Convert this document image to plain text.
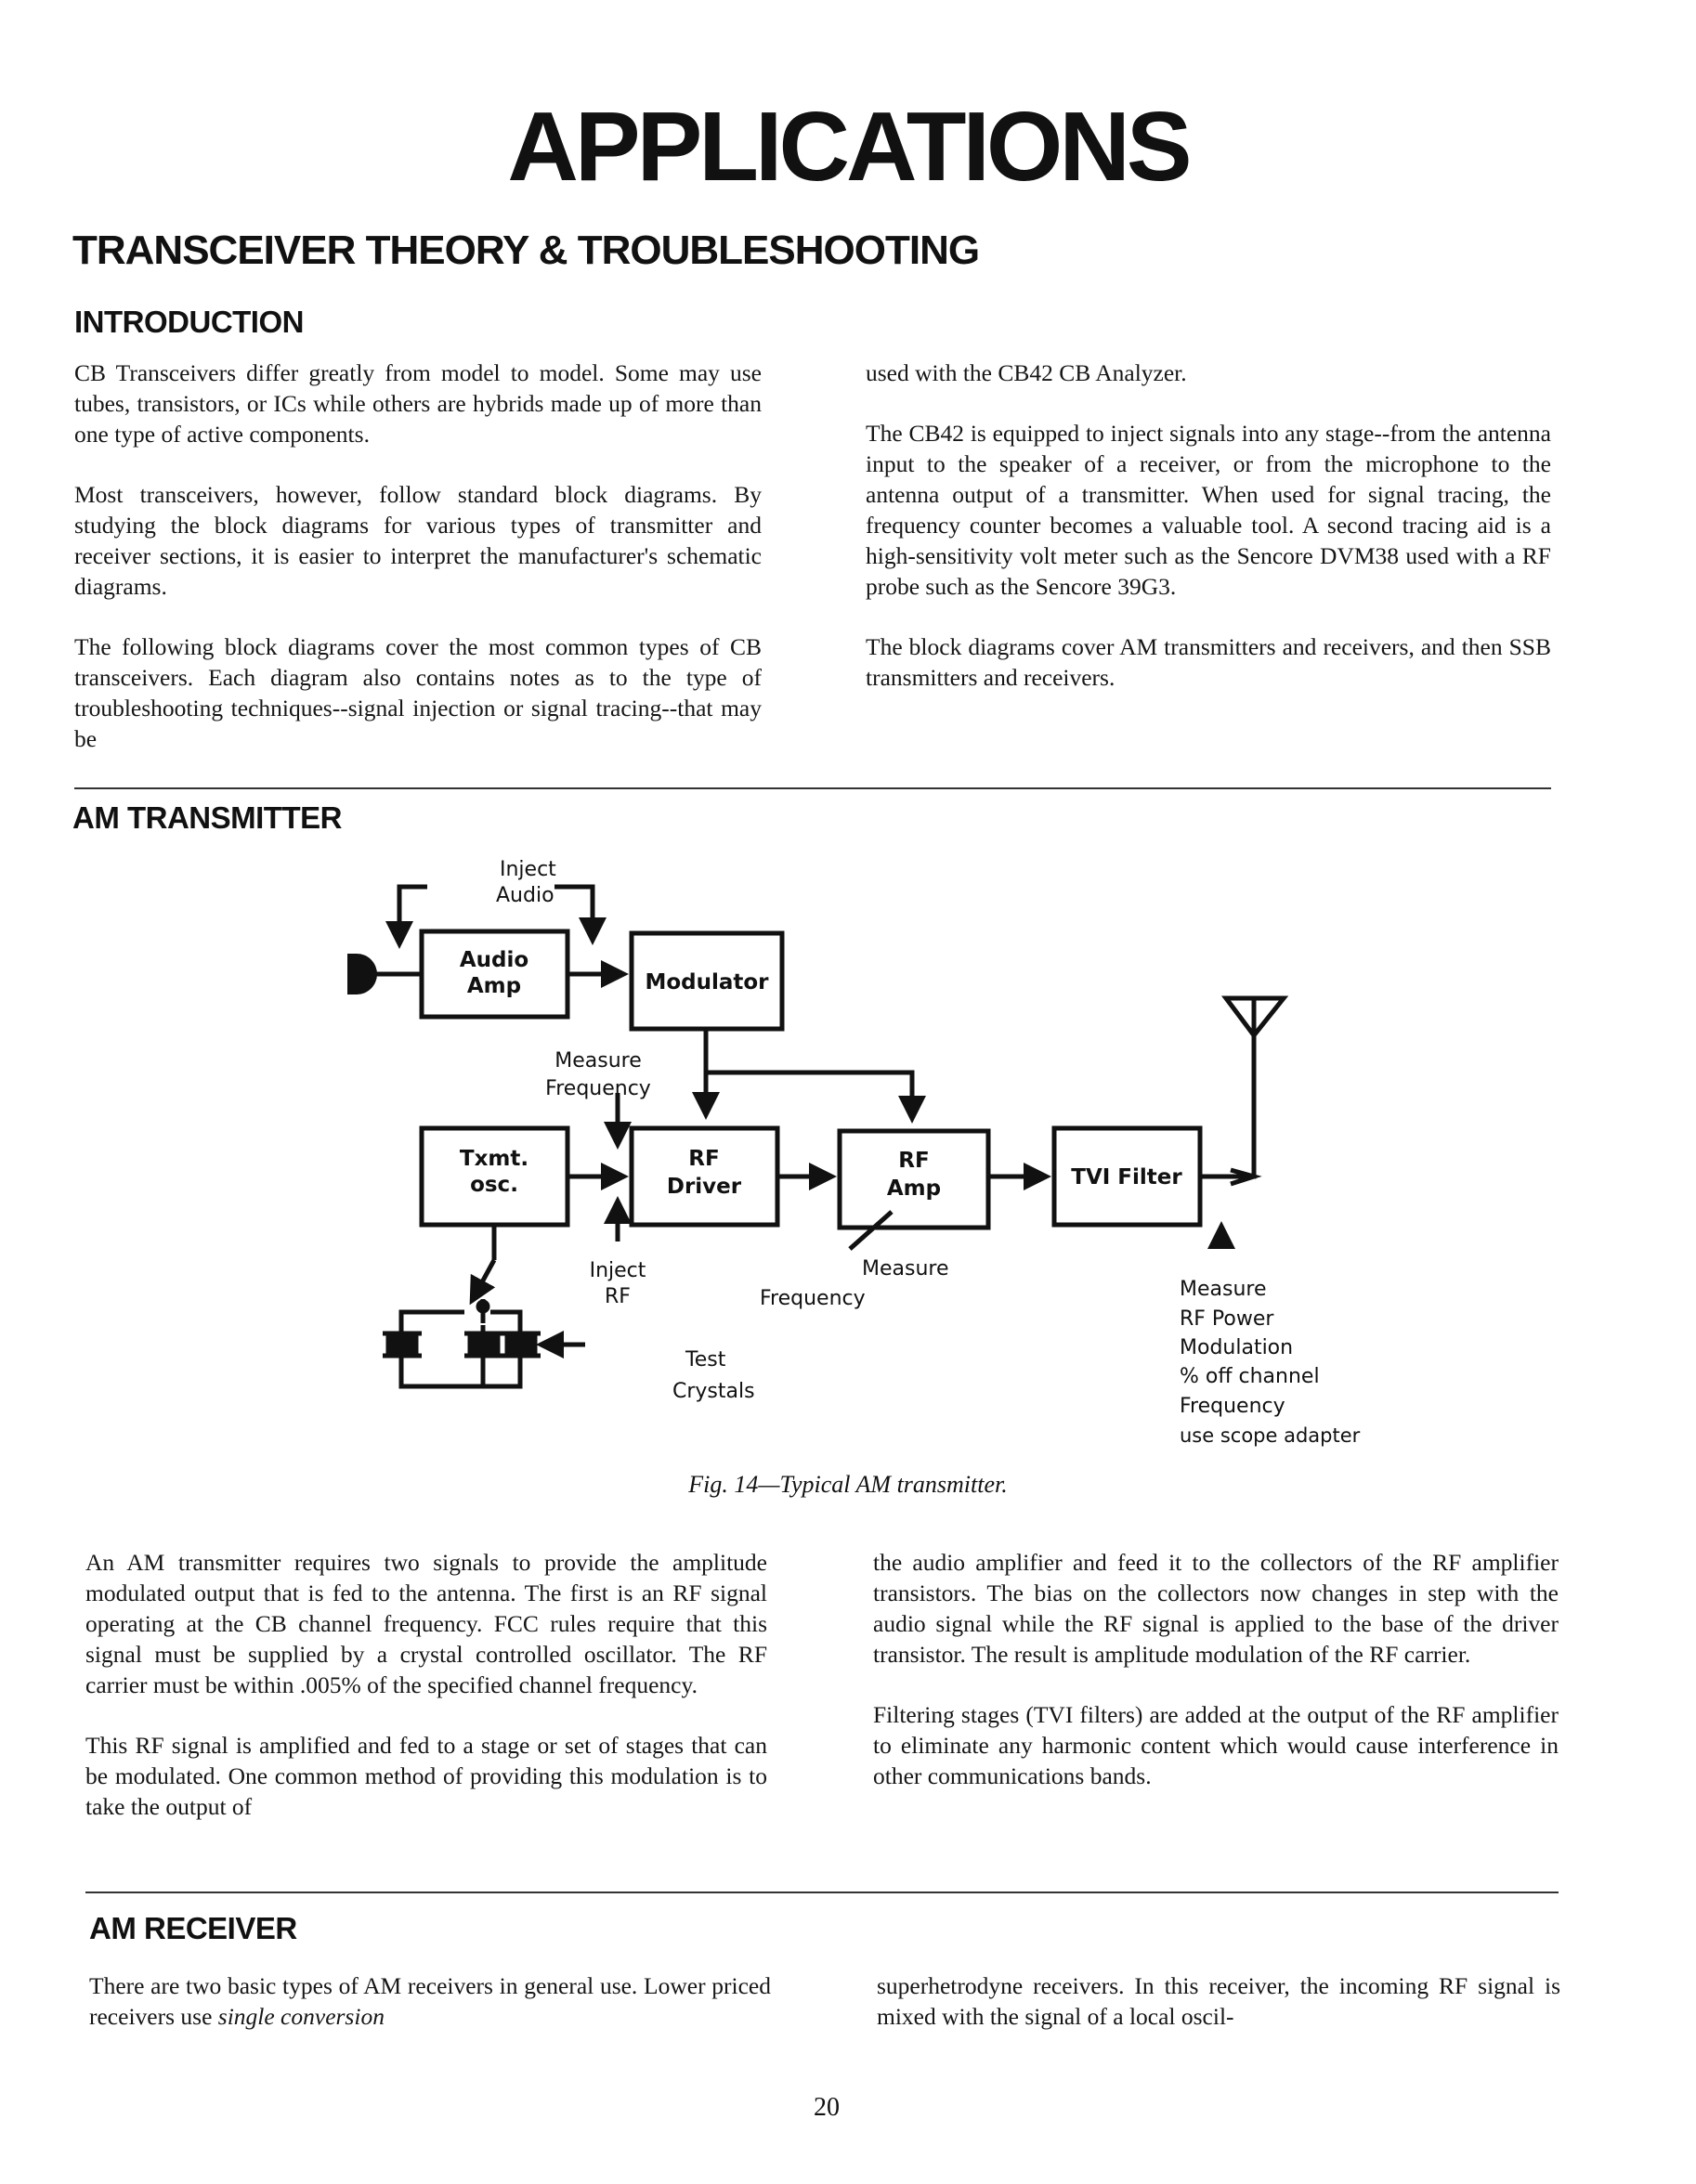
APPLICATIONS
TRANSCEIVER THEORY & TROUBLESHOOTING
INTRODUCTION

CB Transceivers differ greatly from model to model. Some may use tubes, transistors, or ICs while others are hybrids made up of more than one type of active components.

Most transceivers, however, follow standard block diagrams. By studying the block diagrams for various types of transmitter and receiver sections, it is easier to interpret the manufacturer's schematic diagrams.

The following block diagrams cover the most common types of CB transceivers. Each diagram also contains notes as to the type of troubleshooting techniques--signal injection or signal tracing--that may be

used with the CB42 CB Analyzer.

The CB42 is equipped to inject signals into any stage--from the antenna input to the speaker of a receiver, or from the microphone to the antenna output of a transmitter. When used for signal tracing, the frequency counter becomes a valuable tool. A second tracing aid is a high-sensitivity volt meter such as the Sencore DVM38 used with a RF probe such as the Sencore 39G3.

The block diagrams cover AM transmitters and receivers, and then SSB transmitters and receivers.

AM TRANSMITTER
Audio
Amp	Modulator
Txmt.
osc.
RF
Driver
RF
Amp	TVI Filter
Inject
Audio
Measure
Frequency
Inject
RF
Measure
Frequency
Test
Crystals
Measure
RF Power
Modulation
% off channel
Frequency
use scope adapter
Fig. 14—Typical AM transmitter.

An AM transmitter requires two signals to provide the amplitude modulated output that is fed to the antenna. The first is an RF signal operating at the CB channel frequency. FCC rules require that this signal must be supplied by a crystal controlled oscillator. The RF carrier must be within .005% of the specified channel frequency.

This RF signal is amplified and fed to a stage or set of stages that can be modulated. One common method of providing this modulation is to take the output of

the audio amplifier and feed it to the collectors of the RF amplifier transistors. The bias on the collectors now changes in step with the audio signal while the RF signal is applied to the base of the driver transistor. The result is amplitude modulation of the RF carrier.

Filtering stages (TVI filters) are added at the output of the RF amplifier to eliminate any harmonic content which would cause interference in other communications bands.

AM RECEIVER
There are two basic types of AM receivers in general use. Lower priced receivers use single conversion
superhetrodyne receivers. In this receiver, the incoming RF signal is mixed with the signal of a local oscil-
20
